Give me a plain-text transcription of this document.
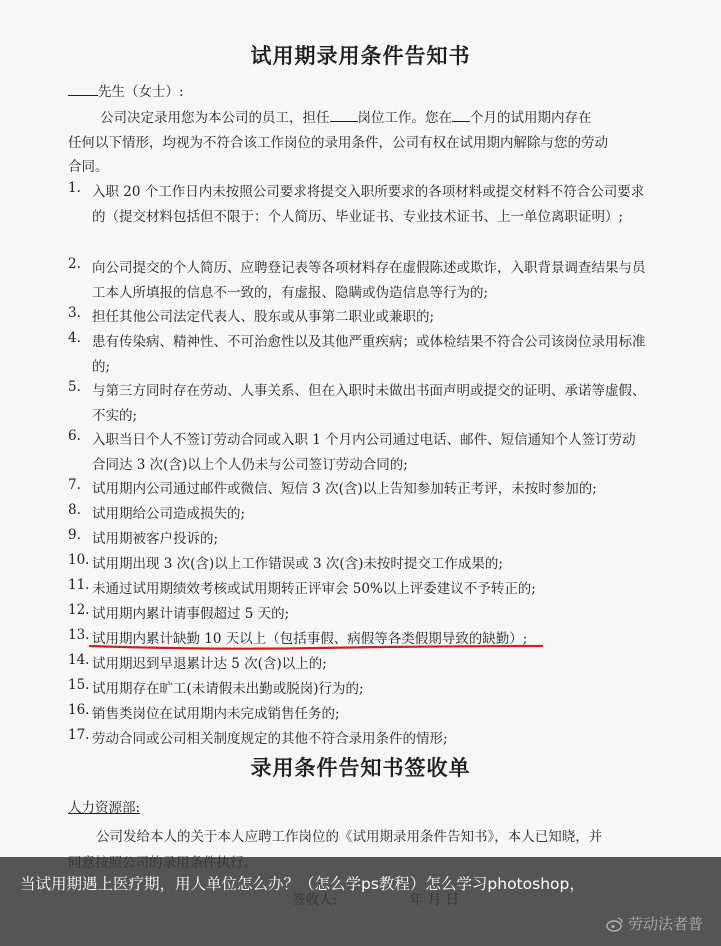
试用期录用条件告知书
先生（女士）:
公司决定录用您为本公司的员工，担任 岗位工作。您在 个月的试用期内存在
任何以下情形，均视为不符合该工作岗位的录用条件，公司有权在试用期内解除与您的劳动
合同。
1. 入职 20 个工作日内未按照公司要求将提交入职所要求的各项材料或提交材料不符合公司要求的（提交材料包括但不限于：个人简历、毕业证书、专业技术证书、上一单位离职证明）;
2. 向公司提交的个人简历、应聘登记表等各项材料存在虚假陈述或欺诈，入职背景调查结果与员工本人所填报的信息不一致的，有虚报、隐瞒或伪造信息等行为的;
3. 担任其他公司法定代表人、股东或从事第二职业或兼职的;
4. 患有传染病、精神性、不可治愈性以及其他严重疾病；或体检结果不符合公司该岗位录用标准的;
5. 与第三方同时存在劳动、人事关系、但在入职时未做出书面声明或提交的证明、承诺等虚假、不实的;
6. 入职当日个人不签订劳动合同或入职 1 个月内公司通过电话、邮件、短信通知个人签订劳动合同达 3 次(含)以上个人仍未与公司签订劳动合同的;
7. 试用期内公司通过邮件或微信、短信 3 次(含)以上告知参加转正考评，未按时参加的;
8. 试用期给公司造成损失的;
9. 试用期被客户投诉的;
10. 试用期出现 3 次(含)以上工作错误或 3 次(含)未按时提交工作成果的;
11. 未通过试用期绩效考核或试用期转正评审会 50%以上评委建议不予转正的;
12. 试用期内累计请事假超过 5 天的;
13. 试用期内累计缺勤 10 天以上（包括事假、病假等各类假期导致的缺勤）;
14. 试用期迟到早退累计达 5 次(含)以上的;
15. 试用期存在旷工(未请假未出勤或脱岗)行为的;
16. 销售类岗位在试用期内未完成销售任务的;
17. 劳动合同或公司相关制度规定的其他不符合录用条件的情形;
录用条件告知书签收单
人力资源部:
公司发给本人的关于本人应聘工作岗位的《试用期录用条件告知书》，本人已知晓，并
当试用期遇上医疗期，用人单位怎么办？（怎么学ps教程）怎么学习photoshop，
劳动法者普
